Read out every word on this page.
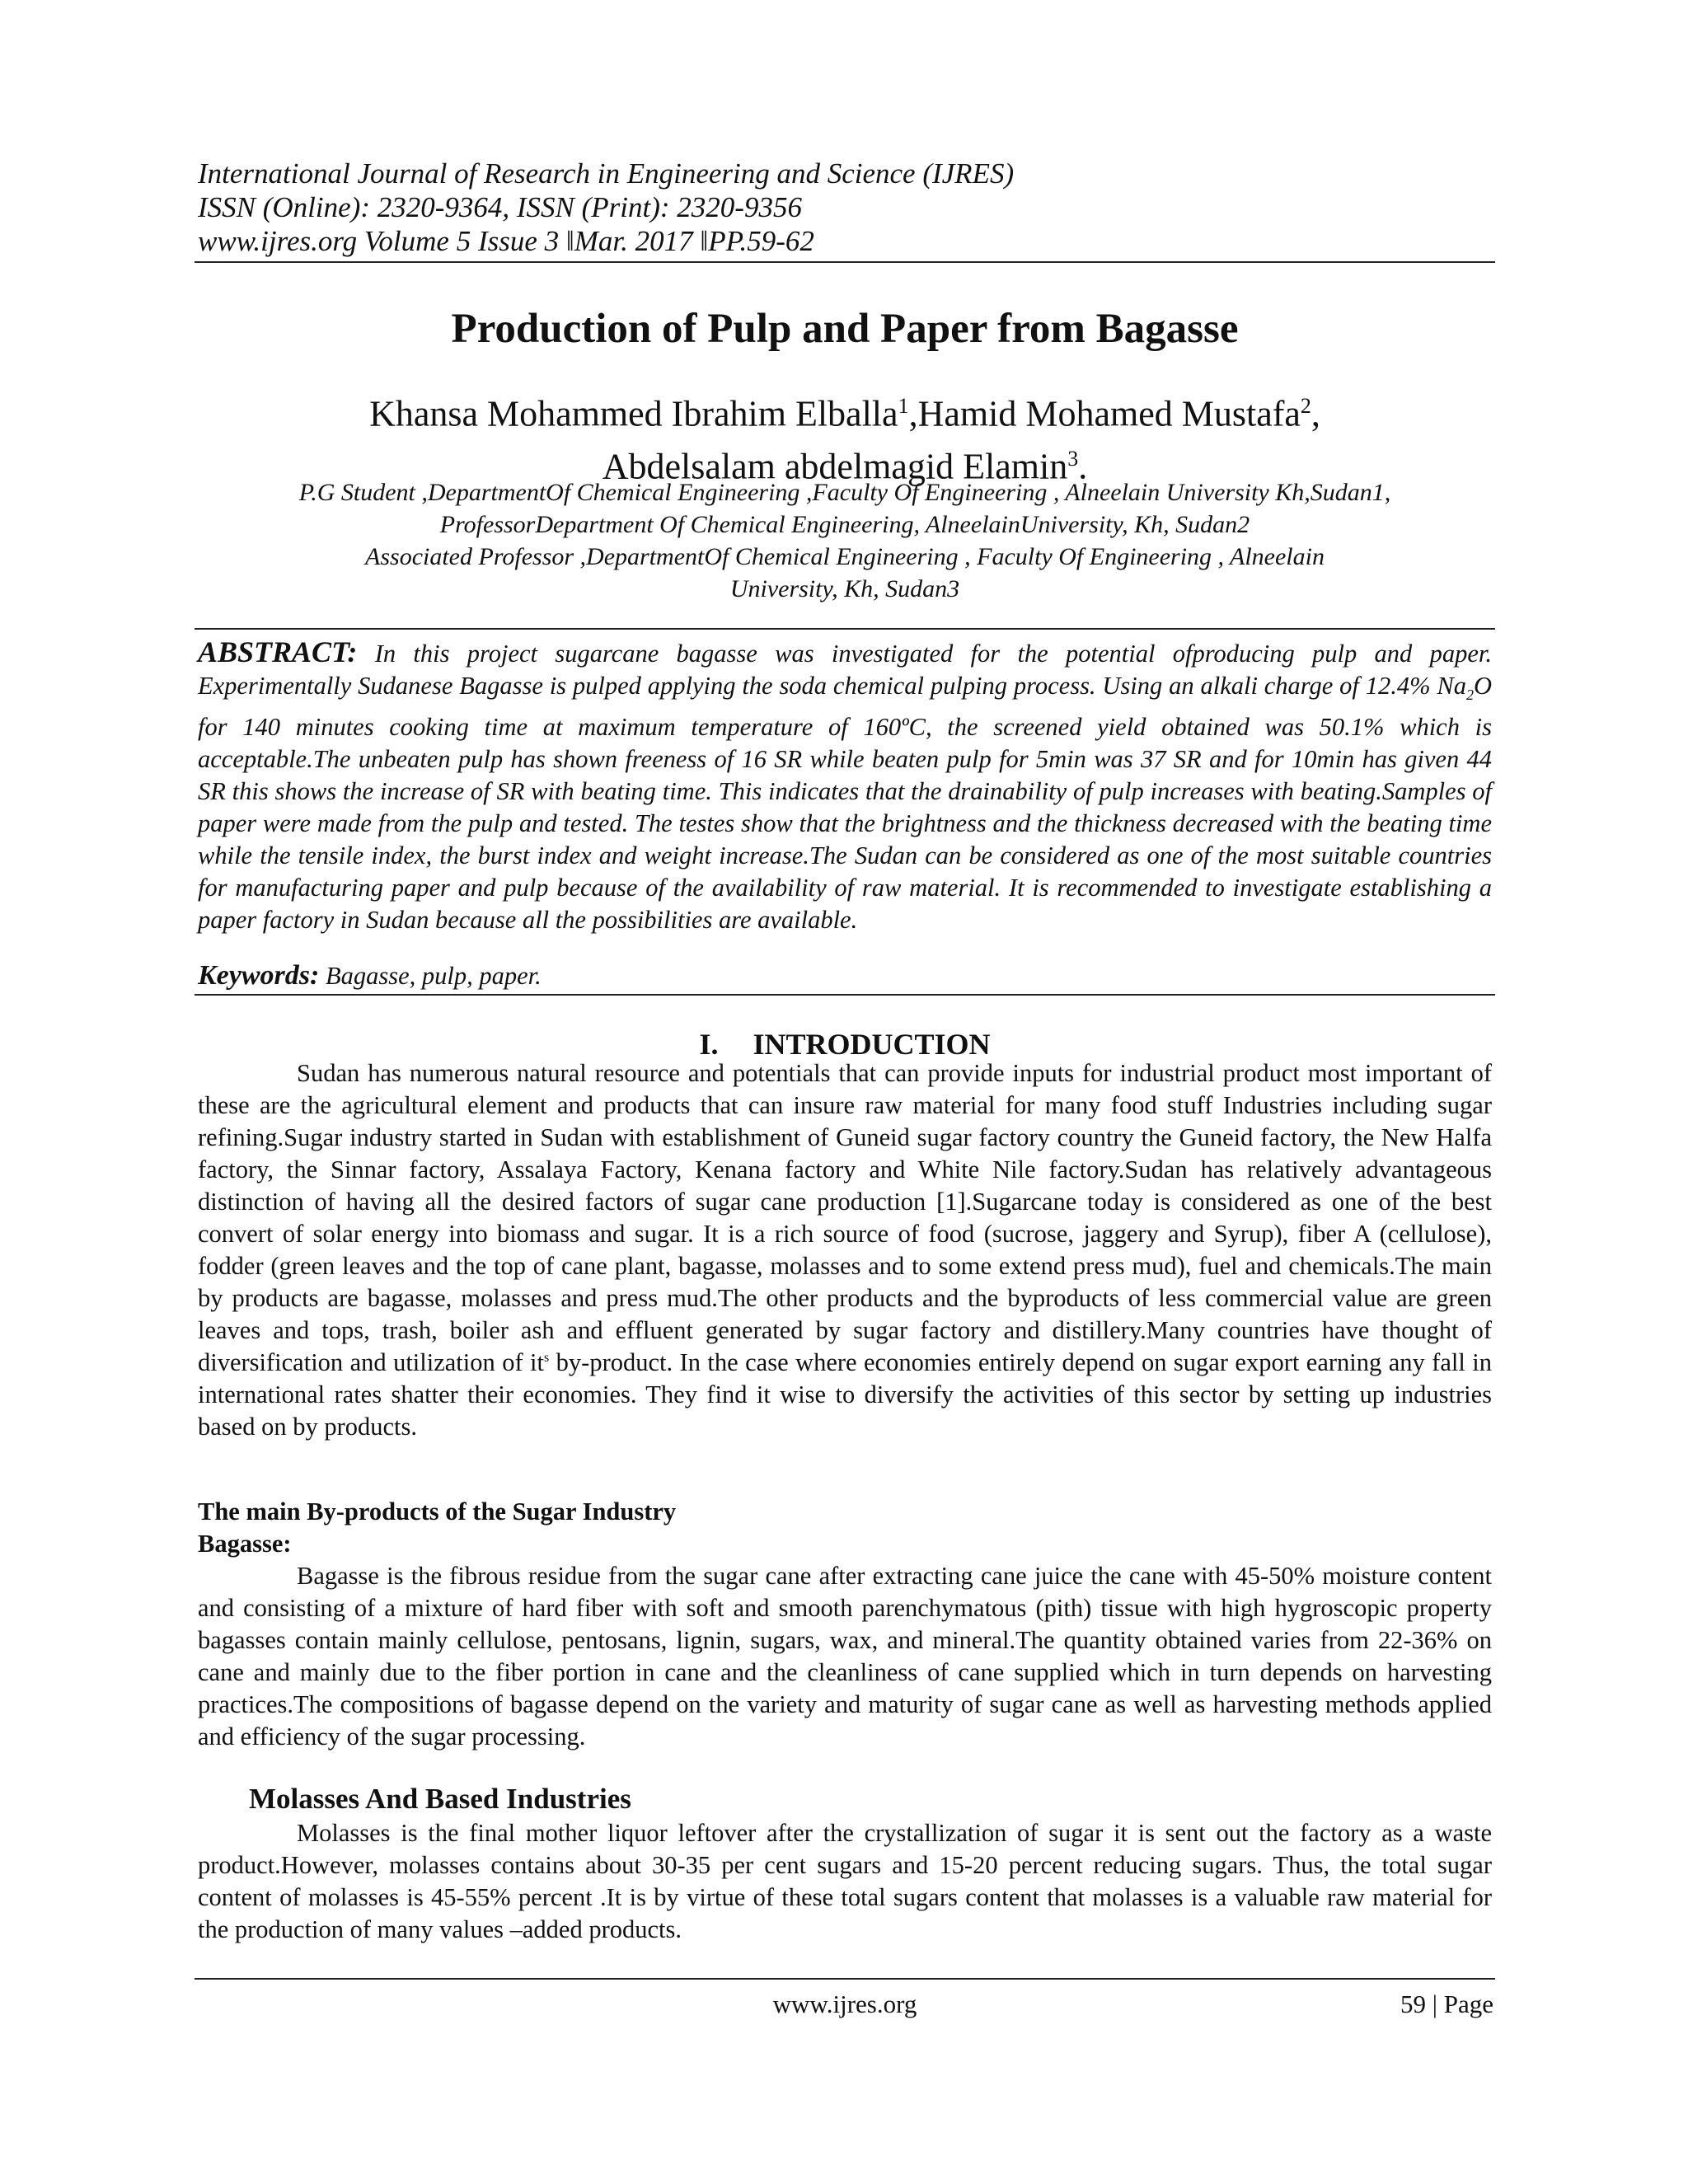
International Journal of Research in Engineering and Science (IJRES)
ISSN (Online): 2320-9364, ISSN (Print): 2320-9356
www.ijres.org Volume 5 Issue 3 ǁMar. 2017 ǁPP.59-62
Production of Pulp and Paper from Bagasse
Khansa Mohammed Ibrahim Elballa$^1$,Hamid Mohamed Mustafa$^2$,
Abdelsalam abdelmagid Elamin$^3$.
P.G Student ,DepartmentOf Chemical Engineering ,Faculty Of Engineering , Alneelain University Kh,Sudan1,
ProfessorDepartment Of Chemical Engineering, AlneelainUniversity, Kh, Sudan2
Associated Professor ,DepartmentOf Chemical Engineering , Faculty Of Engineering , Alneelain
University, Kh, Sudan3
ABSTRACT: In this project sugarcane bagasse was investigated for the potential ofproducing pulp and paper. Experimentally Sudanese Bagasse is pulped applying the soda chemical pulping process. Using an alkali charge of 12.4% $Na_2O$ for 140 minutes cooking time at maximum temperature of 160ºC, the screened yield obtained was 50.1% which is acceptable.The unbeaten pulp has shown freeness of 16 SR while beaten pulp for 5min was 37 SR and for 10min has given 44 SR this shows the increase of SR with beating time. This indicates that the drainability of pulp increases with beating.Samples of paper were made from the pulp and tested. The testes show that the brightness and the thickness decreased with the beating time while the tensile index, the burst index and weight increase.The Sudan can be considered as one of the most suitable countries for manufacturing paper and pulp because of the availability of raw material. It is recommended to investigate establishing a paper factory in Sudan because all the possibilities are available.
Keywords: Bagasse, pulp, paper.
I. INTRODUCTION

Sudan has numerous natural resource and potentials that can provide inputs for industrial product most important of these are the agricultural element and products that can insure raw material for many food stuff Industries including sugar refining.Sugar industry started in Sudan with establishment of Guneid sugar factory country the Guneid factory, the New Halfa factory, the Sinnar factory, Assalaya Factory, Kenana factory and White Nile factory.Sudan has relatively advantageous distinction of having all the desired factors of sugar cane production [1].Sugarcane today is considered as one of the best convert of solar energy into biomass and sugar. It is a rich source of food (sucrose, jaggery and Syrup), fiber A (cellulose), fodder (green leaves and the top of cane plant, bagasse, molasses and to some extend press mud), fuel and chemicals.The main by products are bagasse, molasses and press mud.The other products and the byproducts of less commercial value are green leaves and tops, trash, boiler ash and effluent generated by sugar factory and distillery.Many countries have thought of diversification and utilization of $it^s$ by-product. In the case where economies entirely depend on sugar export earning any fall in international rates shatter their economies. They find it wise to diversify the activities of this sector by setting up industries based on by products.

The main By-products of the Sugar Industry
Bagasse:

Bagasse is the fibrous residue from the sugar cane after extracting cane juice the cane with 45-50% moisture content and consisting of a mixture of hard fiber with soft and smooth parenchymatous (pith) tissue with high hygroscopic property bagasses contain mainly cellulose, pentosans, lignin, sugars, wax, and mineral.The quantity obtained varies from 22-36% on cane and mainly due to the fiber portion in cane and the cleanliness of cane supplied which in turn depends on harvesting practices.The compositions of bagasse depend on the variety and maturity of sugar cane as well as harvesting methods applied and efficiency of the sugar processing.

Molasses And Based Industries

Molasses is the final mother liquor leftover after the crystallization of sugar it is sent out the factory as a waste product.However, molasses contains about 30-35 per cent sugars and 15-20 percent reducing sugars. Thus, the total sugar content of molasses is 45-55% percent .It is by virtue of these total sugars content that molasses is a valuable raw material for the production of many values –added products.

www.ijres.org	59 | Page
